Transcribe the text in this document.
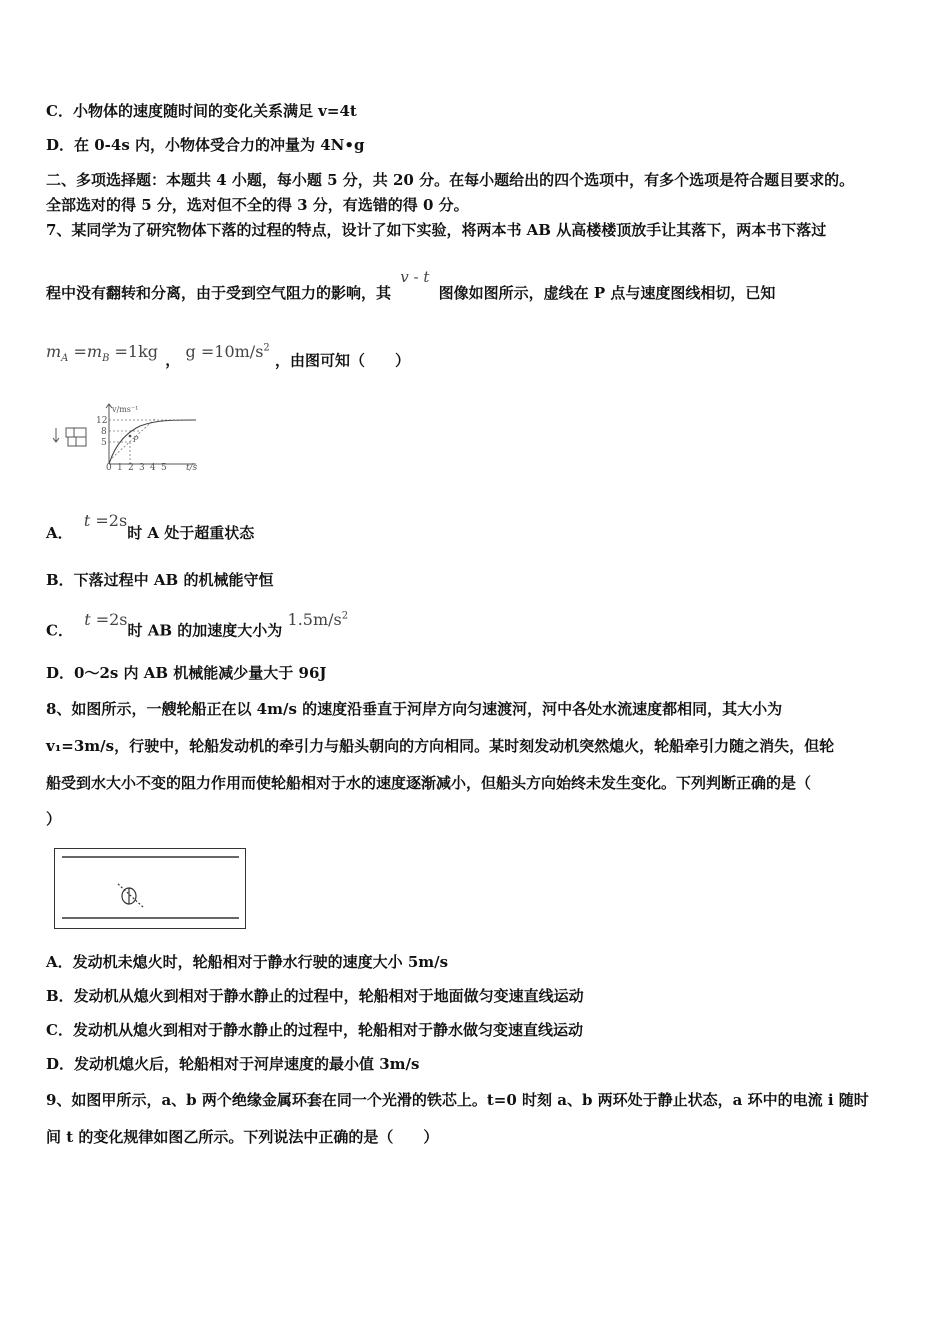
C．小物体的速度随时间的变化关系满足 v=4t
D．在 0-4s 内，小物体受合力的冲量为 4N•g
二、多项选择题：本题共 4 小题，每小题 5 分，共 20 分。在每小题给出的四个选项中，有多个选项是符合题目要求的。
全部选对的得 5 分，选对但不全的得 3 分，有选错的得 0 分。
7、某同学为了研究物体下落的过程的特点，设计了如下实验，将两本书 AB 从高楼楼顶放手让其落下，两本书下落过
程中没有翻转和分离，由于受到空气阻力的影响，其 v - t 图像如图所示，虚线在 P 点与速度图线相切，已知
$m_A =m_B =1kg$ ， $g =10m/s^2$ ，由图可知（　　）
v/ms⁻¹
12
8
5	P
0 1 2 3 4 5 t/s
A． t =2s时 A 处于超重状态
B．下落过程中 AB 的机械能守恒
C． t =2s时 AB 的加速度大小为 $1.5m/s^2$
D．0～2s 内 AB 机械能减少量大于 96J
8、如图所示，一艘轮船正在以 4m/s 的速度沿垂直于河岸方向匀速渡河，河中各处水流速度都相同，其大小为
v₁=3m/s，行驶中，轮船发动机的牵引力与船头朝向的方向相同。某时刻发动机突然熄火，轮船牵引力随之消失，但轮
船受到水大小不变的阻力作用而使轮船相对于水的速度逐渐减小，但船头方向始终未发生变化。下列判断正确的是（
）
A．发动机未熄火时，轮船相对于静水行驶的速度大小 5m/s
B．发动机从熄火到相对于静水静止的过程中，轮船相对于地面做匀变速直线运动
C．发动机从熄火到相对于静水静止的过程中，轮船相对于静水做匀变速直线运动
D．发动机熄火后，轮船相对于河岸速度的最小值 3m/s
9、如图甲所示，a、b 两个绝缘金属环套在同一个光滑的铁芯上。t=0 时刻 a、b 两环处于静止状态，a 环中的电流 i 随时
间 t 的变化规律如图乙所示。下列说法中正确的是（　　）
